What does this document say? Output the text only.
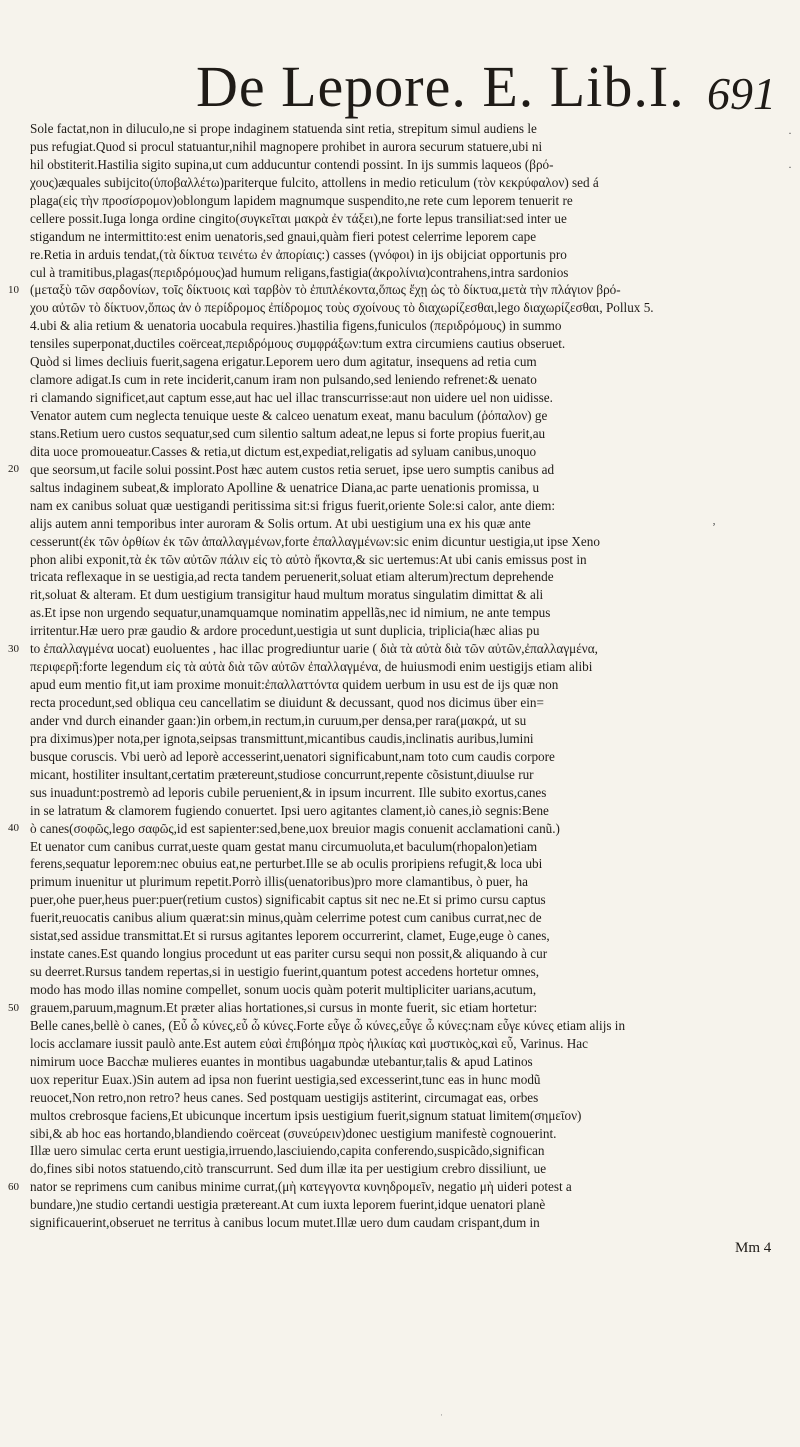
De Lepore. E. Lib.I. 691
Sole factat,non in diluculo,ne si prope indaginem statuenda sint retia, strepitum simul audiens le
pus refugiat.Quod si procul statuantur,nihil magnopere prohibet in aurora securum statuere,ubi ni
hil obstiterit.Hastilia sigito supina,ut cum adducuntur contendi possint. In ijs summis laqueos (βρό-
χους)æquales subijcito(ὑποβαλλέτω)pariterque fulcito, attollens in medio reticulum (τὸν κεκρύφαλον) sed á
plaga(εἰς τὴν προσίσρομον)oblongum lapidem magnumque suspendito,ne rete cum leporem tenuerit re
cellere possit.Iuga longa ordine cingito(συγκεῖται μακρὰ ἐν τάξει),ne forte lepus transiliat:sed inter ue
stigandum ne intermittito:est enim uenatoris,sed gnaui,quàm fieri potest celerrime leporem cape
re.Retia in arduis tendat,(τὰ δίκτυα τεινέτω ἐν ἀπορίαις:) casses (γνόφοι) in ijs obijciat opportunis pro
cul à tramitibus,plagas(περιδρόμους)ad humum religans,fastigia(ἀκρολίνια)contrahens,intra sardonios
(μεταξὺ τῶν σαρδονίων, τοῖς δίκτυοις καὶ ταρβὸν τὸ ἐπιπλέκοντα,ὅπως ἔχῃ ὡς τὸ δίκτυα,μετὰ τὴν πλάγιον βρό-
χου αὐτῶν τὸ δίκτυον,ὅπως ἀν ὁ περίδρομος ἐπίδρομος τοὺς σχοίνους τὸ διαχωρίζεσθαι,lego διαχωρίζεσθαι, Pollux 5.
4.ubi & alia retium & uenatoria uocabula requires.)hastilia figens,funiculos (περιδρόμους) in summo
tensiles superponat,ductiles coërceat,περιδρόμους συμφράξων:tum extra circumiens cautius obseruet.
Quòd si limes decliuis fuerit,sagena erigatur.Leporem uero dum agitatur, insequens ad retia cum
clamore adigat.Is cum in rete inciderit,canum iram non pulsando,sed leniendo refrenet:& uenato
ri clamando significet,aut captum esse,aut hac uel illac transcurrisse:aut non uidere uel non uidisse.
Venator autem cum neglecta tenuique ueste & calceo uenatum exeat, manu baculum (ῥόπαλον) ge
stans.Retium uero custos sequatur,sed cum silentio saltum adeat,ne lepus si forte propius fuerit,au
dita uoce promoueatur.Casses & retia,ut dictum est,expediat,religatis ad syluam canibus,unoquo
que seorsum,ut facile solui possint.Post hæc autem custos retia seruet, ipse uero sumptis canibus ad
saltus indaginem subeat,& implorato Apolline & uenatrice Diana,ac parte uenationis promissa, u
nam ex canibus soluat quæ uestigandi peritissima sit:si frigus fuerit,oriente Sole:si calor, ante diem:
alijs autem anni temporibus inter auroram & Solis ortum. At ubi uestigium una ex his quæ ante
cesserunt(ἐκ τῶν ὀρθίων ἐκ τῶν ἀπαλλαγμένων,forte ἐπαλλαγμένων:sic enim dicuntur uestigia,ut ipse Xeno
phon alibi exponit,τὰ ἐκ τῶν αὐτῶν πάλιν εἰς τὸ αὐτὸ ἥκοντα,& sic uertemus:At ubi canis emissus post in
tricata reflexaque in se uestigia,ad recta tandem peruenerit,soluat etiam alterum)rectum deprehende
rit,soluat & alteram. Et dum uestigium transigitur haud multum moratus singulatim dimittat & ali
as.Et ipse non urgendo sequatur,unamquamque nominatim appellãs,nec id nimium, ne ante tempus
irritentur.Hæ uero præ gaudio & ardore procedunt,uestigia ut sunt duplicia, triplicia(hæc alias pu
to ἐπαλλαγμένα uocat) euoluentes , hac illac progrediuntur uarie ( διὰ τὰ αὐτὰ διὰ τῶν αὐτῶν,ἐπαλλαγμένα,
περιφερῆ:forte legendum εἰς τὰ αὐτὰ διὰ τῶν αὐτῶν ἐπαλλαγμένα, de huiusmodi enim uestigijs etiam alibi
apud eum mentio fit,ut iam proxime monuit:ἐπαλλαττόντα quidem uerbum in usu est de ijs quæ non
recta procedunt,sed obliqua ceu cancellatim se diuidunt & decussant, quod nos dicimus über ein=
ander vnd durch einander gaan:)in orbem,in rectum,in curuum,per densa,per rara(μακρά, ut su
pra diximus)per nota,per ignota,seipsas transmittunt,micantibus caudis,inclinatis auribus,lumini
busque coruscis. Vbi uerò ad leporè accesserint,uenatori significabunt,nam toto cum caudis corpore
micant, hostiliter insultant,certatim prætereunt,studiose concurrunt,repente cõsistunt,diuulse rur
sus inuadunt:postremò ad leporis cubile peruenient,& in ipsum incurrent. Ille subito exortus,canes
in se latratum & clamorem fugiendo conuertet. Ipsi uero agitantes clament,iò canes,iò segnis:Bene
ò canes(σοφῶς,lego σαφῶς,id est sapienter:sed,bene,uox breuior magis conuenit acclamationi canũ.)
Et uenator cum canibus currat,ueste quam gestat manu circumuoluta,et baculum(rhopalon)etiam
ferens,sequatur leporem:nec obuius eat,ne perturbet.Ille se ab oculis proripiens refugit,& loca ubi
primum inuenitur ut plurimum repetit.Porrò illis(uenatoribus)pro more clamantibus, ò puer, ha
puer,ohe puer,heus puer:puer(retium custos) significabit captus sit nec ne.Et si primo cursu captus
fuerit,reuocatis canibus alium quærat:sin minus,quàm celerrime potest cum canibus currat,nec de
sistat,sed assidue transmittat.Et si rursus agitantes leporem occurrerint, clamet, Euge,euge ò canes,
instate canes.Est quando longius procedunt ut eas pariter cursu sequi non possit,& aliquando à cur
su deerret.Rursus tandem repertas,si in uestigio fuerint,quantum potest accedens hortetur omnes,
modo has modo illas nomine compellet, sonum uocis quàm poterit multipliciter uarians,acutum,
grauem,paruum,magnum.Et præter alias hortationes,si cursus in monte fuerit, sic etiam hortetur:
Belle canes,bellè ò canes, (Εὖ ὦ κύνες,εὖ ὦ κύνες.Forte εὖγε ὦ κύνες,εὖγε ὦ κύνες:nam εὖγε κύνες etiam alijs in
locis acclamare iussit paulò ante.Est autem εὐαὶ ἐπιβόημα πρὸς ἠλικίας καὶ μυστικὸς,καὶ εὖ, Varinus. Hac
nimirum uoce Bacchæ mulieres euantes in montibus uagabundæ utebantur,talis & apud Latinos
uox reperitur Euax.)Sin autem ad ipsa non fuerint uestigia,sed excesserint,tunc eas in hunc modũ
reuocet,Non retro,non retro? heus canes. Sed postquam uestigijs astiterint, circumagat eas, orbes
multos crebrosque faciens,Et ubicunque incertum ipsis uestigium fuerit,signum statuat limitem(σημεῖον)
sibi,& ab hoc eas hortando,blandiendo coërceat (συνεύρειν)donec uestigium manifestè cognouerint.
Illæ uero simulac certa erunt uestigia,irruendo,lasciuiendo,capita conferendo,suspicãdo,significan
do,fines sibi notos statuendo,citò transcurrunt. Sed dum illæ ita per uestigium crebro dissiliunt, ue
nator se reprimens cum canibus minime currat,(μὴ κατεγγοντα κυνηδρομεῖν, negatio μὴ uideri potest a
bundare,)ne studio certandi uestigia prætereant.At cum iuxta leporem fuerint,idque uenatori planè
significauerint,obseruet ne territus à canibus locum mutet.Illæ uero dum caudam crispant,dum in
10
20
30
40
50
60
Mm 4
·
·
ʼ
·
